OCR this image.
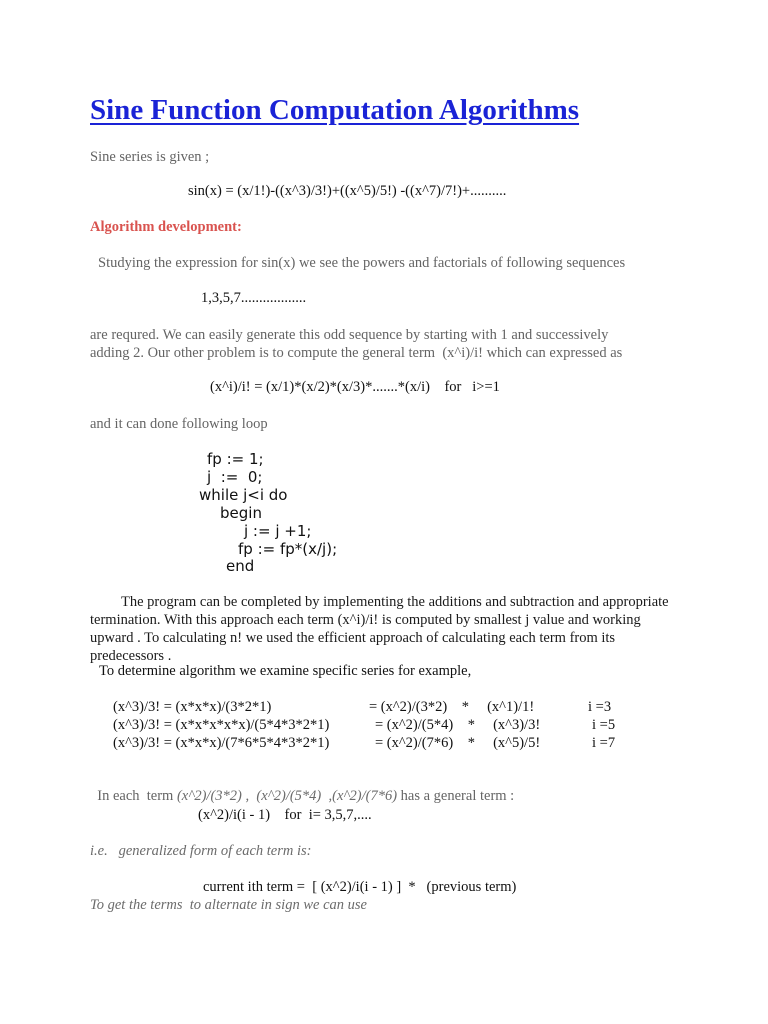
Sine Function Computation Algorithms
Sine series is given ;
sin(x) = (x/1!)-((x^3)/3!)+((x^5)/5!) -((x^7)/7!)+..........
Algorithm development:
Studying the expression for sin(x) we see the powers and factorials of following sequences
1,3,5,7..................
are requred. We can easily generate this odd sequence by starting with 1 and successively
adding 2. Our other problem is to compute the general term  (x^i)/i! which can expressed as
(x^i)/i! = (x/1)*(x/2)*(x/3)*.......*(x/i)    for   i>=1
and it can done following loop
fp := 1;
j  :=  0;
while j<i do
begin
j := j +1;
fp := fp*(x/j);
end
The program can be completed by implementing the additions and subtraction and appropriate termination. With this approach each term (x^i)/i! is computed by smallest j value and working upward . To calculating n! we used the efficient approach of calculating each term from its predecessors .
To determine algorithm we examine specific series for example,
(x^3)/3! = (x*x*x)/(3*2*1)	= (x^2)/(3*2)    *     (x^1)/1!	i =3
(x^3)/3! = (x*x*x*x*x)/(5*4*3*2*1)	= (x^2)/(5*4)    *     (x^3)/3!	i =5
(x^3)/3! = (x*x*x)/(7*6*5*4*3*2*1)	= (x^2)/(7*6)    *     (x^5)/5!	i =7

In each  term (x^2)/(3*2) ,  (x^2)/(5*4)  ,(x^2)/(7*6) has a general term :

(x^2)/i(i - 1)    for  i= 3,5,7,....
i.e.   generalized form of each term is:
current ith term =  [ (x^2)/i(i - 1) ]  *   (previous term)
To get the terms  to alternate in sign we can use
